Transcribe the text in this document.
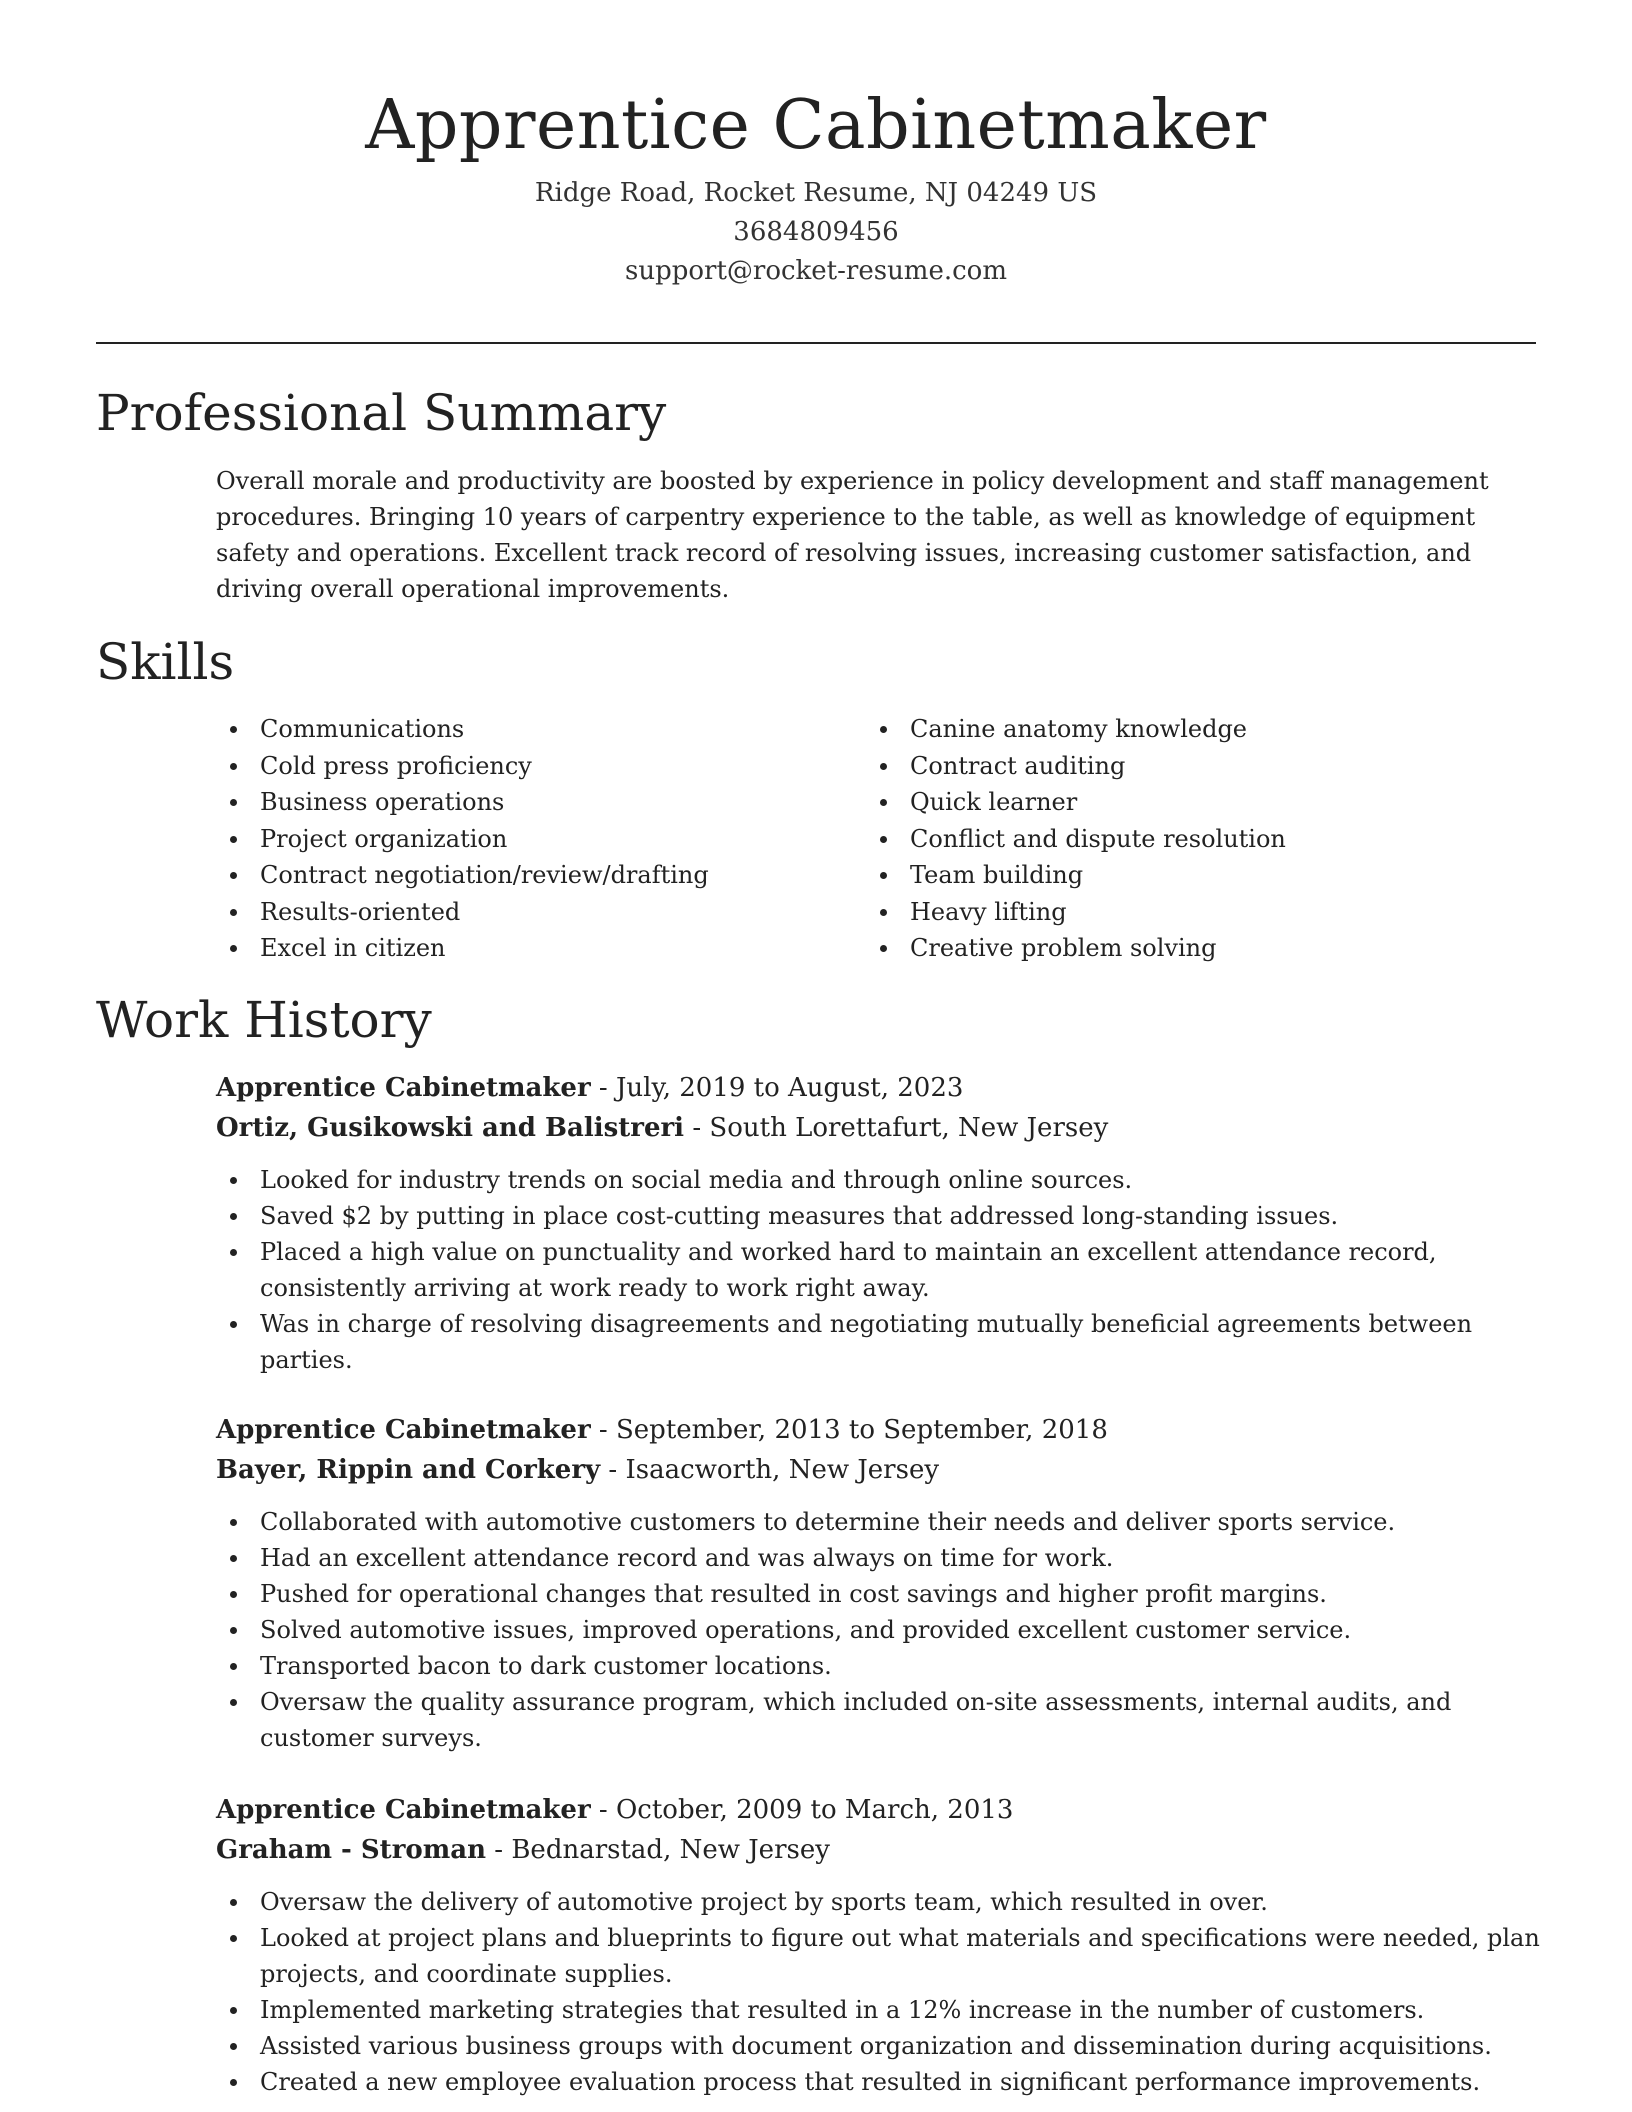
Apprentice Cabinetmaker
Ridge Road, Rocket Resume, NJ 04249 US
3684809456
support@rocket-resume.com
Professional Summary

Overall morale and productivity are boosted by experience in policy development and staff management procedures. Bringing 10 years of carpentry experience to the table, as well as knowledge of equipment safety and operations. Excellent track record of resolving issues, increasing customer satisfaction, and driving overall operational improvements.

Skills
Communications
Cold press proficiency
Business operations
Project organization
Contract negotiation/review/drafting
Results-oriented
Excel in citizen
Canine anatomy knowledge
Contract auditing
Quick learner
Conflict and dispute resolution
Team building
Heavy lifting
Creative problem solving
Work History
Apprentice Cabinetmaker - July, 2019 to August, 2023
Ortiz, Gusikowski and Balistreri - South Lorettafurt, New Jersey
Looked for industry trends on social media and through online sources.
Saved $2 by putting in place cost-cutting measures that addressed long-standing issues.
Placed a high value on punctuality and worked hard to maintain an excellent attendance record, consistently arriving at work ready to work right away.
Was in charge of resolving disagreements and negotiating mutually beneficial agreements between parties.
Apprentice Cabinetmaker - September, 2013 to September, 2018
Bayer, Rippin and Corkery - Isaacworth, New Jersey
Collaborated with automotive customers to determine their needs and deliver sports service.
Had an excellent attendance record and was always on time for work.
Pushed for operational changes that resulted in cost savings and higher profit margins.
Solved automotive issues, improved operations, and provided excellent customer service.
Transported bacon to dark customer locations.
Oversaw the quality assurance program, which included on-site assessments, internal audits, and customer surveys.
Apprentice Cabinetmaker - October, 2009 to March, 2013
Graham - Stroman - Bednarstad, New Jersey
Oversaw the delivery of automotive project by sports team, which resulted in over.
Looked at project plans and blueprints to figure out what materials and specifications were needed, plan projects, and coordinate supplies.
Implemented marketing strategies that resulted in a 12% increase in the number of customers.
Assisted various business groups with document organization and dissemination during acquisitions.
Created a new employee evaluation process that resulted in significant performance improvements.
